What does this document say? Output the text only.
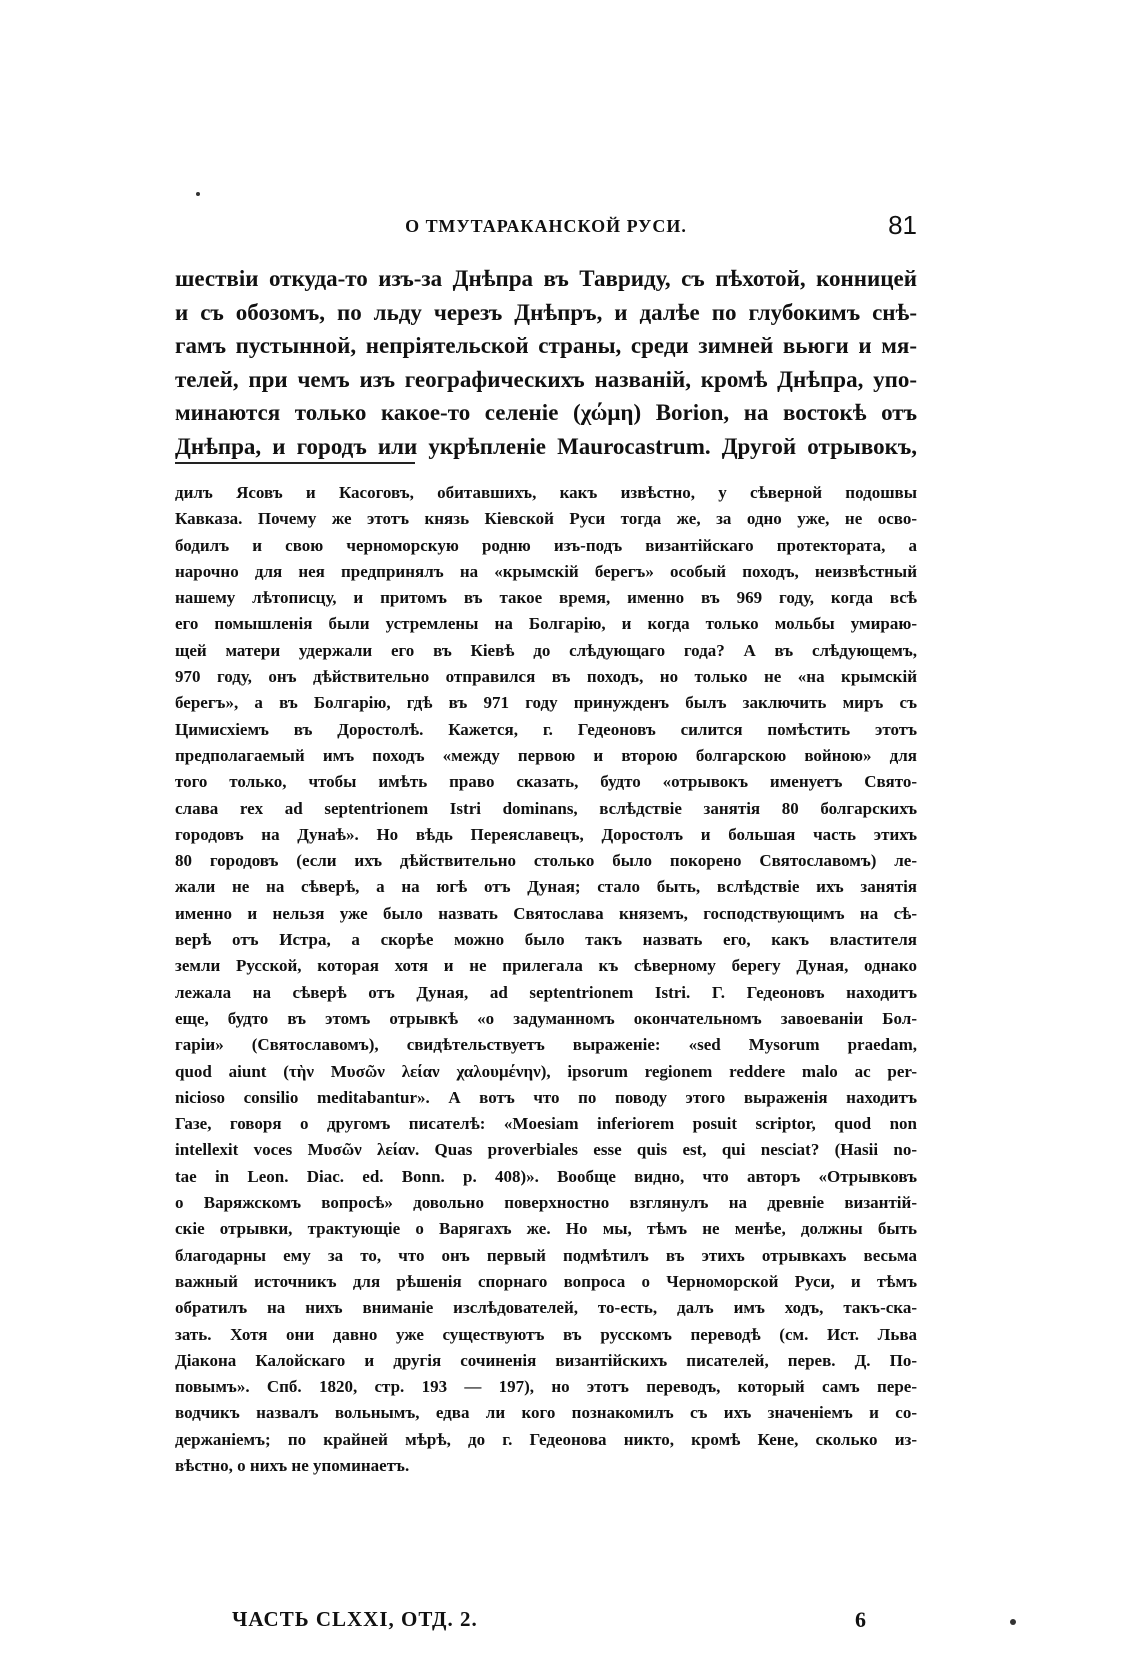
О ТМУТАРАКАНСКОЙ РУСИ.	81
шествіи откуда-то изъ-за Днѣпра въ Тавриду, съ пѣхотой, конницей
и съ обозомъ, по льду черезъ Днѣпръ, и далѣе по глубокимъ снѣ-
гамъ пустынной, непріятельской страны, среди зимней вьюги и мя-
телей, при чемъ изъ географическихъ названій, кромѣ Днѣпра, упо-
минаются только какое-то селеніе (χώμη) Borion, на востокѣ отъ
Днѣпра, и городъ или укрѣпленіе Maurocastrum. Другой отрывокъ,
дилъ Ясовъ и Касоговъ, обитавшихъ, какъ извѣстно, у сѣверной подошвы
Кавказа. Почему же этотъ князь Кіевской Руси тогда же, за одно уже, не осво-
бодилъ и свою черноморскую родню изъ-подъ византійскаго протектората, а
нарочно для нея предпринялъ на «крымскій берегъ» особый походъ, неизвѣстный
нашему лѣтописцу, и притомъ въ такое время, именно въ 969 году, когда всѣ
его помышленія были устремлены на Болгарію, и когда только мольбы умираю-
щей матери удержали его въ Кіевѣ до слѣдующаго года? А въ слѣдующемъ,
970 году, онъ дѣйствительно отправился въ походъ, но только не «на крымскій
берегъ», а въ Болгарію, гдѣ въ 971 году принужденъ былъ заключить миръ съ
Цимисхіемъ въ Доростолѣ. Кажется, г. Гедеоновъ силится помѣстить этотъ
предполагаемый имъ походъ «между первою и второю болгарскою войною» для
того только, чтобы имѣть право сказать, будто «отрывокъ именуетъ Свято-
слава rex ad septentrionem Istri dominans, вслѣдствіе занятія 80 болгарскихъ
городовъ на Дунаѣ». Но вѣдь Переяславецъ, Доростолъ и большая часть этихъ
80 городовъ (если ихъ дѣйствительно столько было покорено Святославомъ) ле-
жали не на сѣверѣ, а на югѣ отъ Дуная; стало быть, вслѣдствіе ихъ занятія
именно и нельзя уже было назвать Святослава княземъ, господствующимъ на сѣ-
верѣ отъ Истра, а скорѣе можно было такъ назвать его, какъ властителя
земли Русской, которая хотя и не прилегала къ сѣверному берегу Дуная, однако
лежала на сѣверѣ отъ Дуная, ad septentrionem Istri. Г. Гедеоновъ находитъ
еще, будто въ этомъ отрывкѣ «о задуманномъ окончательномъ завоеваніи Бол-
гаріи» (Святославомъ), свидѣтельствуетъ выраженіе: «sed Mysorum praedam,
quod aiunt (τὴν Μυσῶν λείαν χαλουμένην), ipsorum regionem reddere malo ac per-
nicioso consilio meditabantur». А вотъ что по поводу этого выраженія находитъ
Газе, говоря о другомъ писателѣ: «Moesiam inferiorem posuit scriptor, quod non
intellexit voces Μυσῶν λείαν. Quas proverbiales esse quis est, qui nesciat? (Hasii no-
tae in Leon. Diac. ed. Bonn. p. 408)». Вообще видно, что авторъ «Отрывковъ
о Варяжскомъ вопросѣ» довольно поверхностно взглянулъ на древніе византій-
скіе отрывки, трактующіе о Варягахъ же. Но мы, тѣмъ не менѣе, должны быть
благодарны ему за то, что онъ первый подмѣтилъ въ этихъ отрывкахъ весьма
важный источникъ для рѣшенія спорнаго вопроса о Черноморской Руси, и тѣмъ
обратилъ на нихъ вниманіе изслѣдователей, то-есть, далъ имъ ходъ, такъ-ска-
зать. Хотя они давно уже существуютъ въ русскомъ переводѣ (см. Ист. Льва
Діакона Калойскаго и другія сочиненія византійскихъ писателей, перев. Д. По-
повымъ». Спб. 1820, стр. 193 — 197), но этотъ переводъ, который самъ пере-
водчикъ назвалъ вольнымъ, едва ли кого познакомилъ съ ихъ значеніемъ и со-
держаніемъ; по крайней мѣрѣ, до г. Гедеонова никто, кромѣ Кене, сколько из-
вѣстно, о нихъ не упоминаетъ.
ЧАСТЬ CLXXI, ОТД. 2.	6
